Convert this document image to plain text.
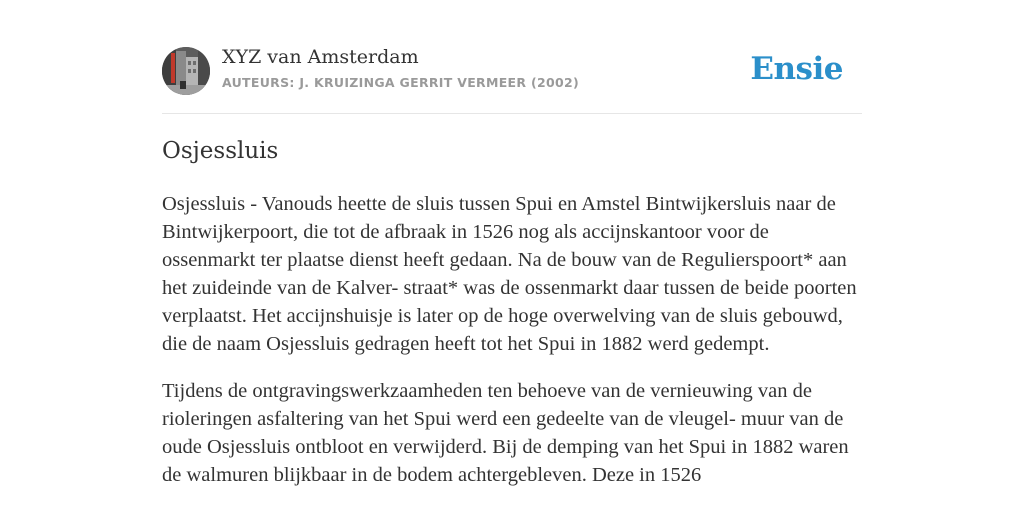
XYZ van Amsterdam
AUTEURS: J. KRUIZINGA GERRIT VERMEER (2002)	Ensie
Osjessluis

Osjessluis - Vanouds heette de sluis tussen Spui en Amstel Bintwijkersluis naar de Bintwijkerpoort, die tot de afbraak in 1526 nog als accijnskantoor voor de ossenmarkt ter plaatse dienst heeft gedaan. Na de bouw van de Regulierspoort* aan het zuideinde van de Kalver- straat* was de ossenmarkt daar tussen de beide poorten verplaatst. Het accijnshuisje is later op de hoge overwelving van de sluis gebouwd, die de naam Osjessluis gedragen heeft tot het Spui in 1882 werd gedempt.

Tijdens de ontgravingswerkzaamheden ten behoeve van de vernieuwing van de rioleringen asfaltering van het Spui werd een gedeelte van de vleugel- muur van de oude Osjessluis ontbloot en verwijderd. Bij de demping van het Spui in 1882 waren de walmuren blijkbaar in de bodem achtergebleven. Deze in 1526
